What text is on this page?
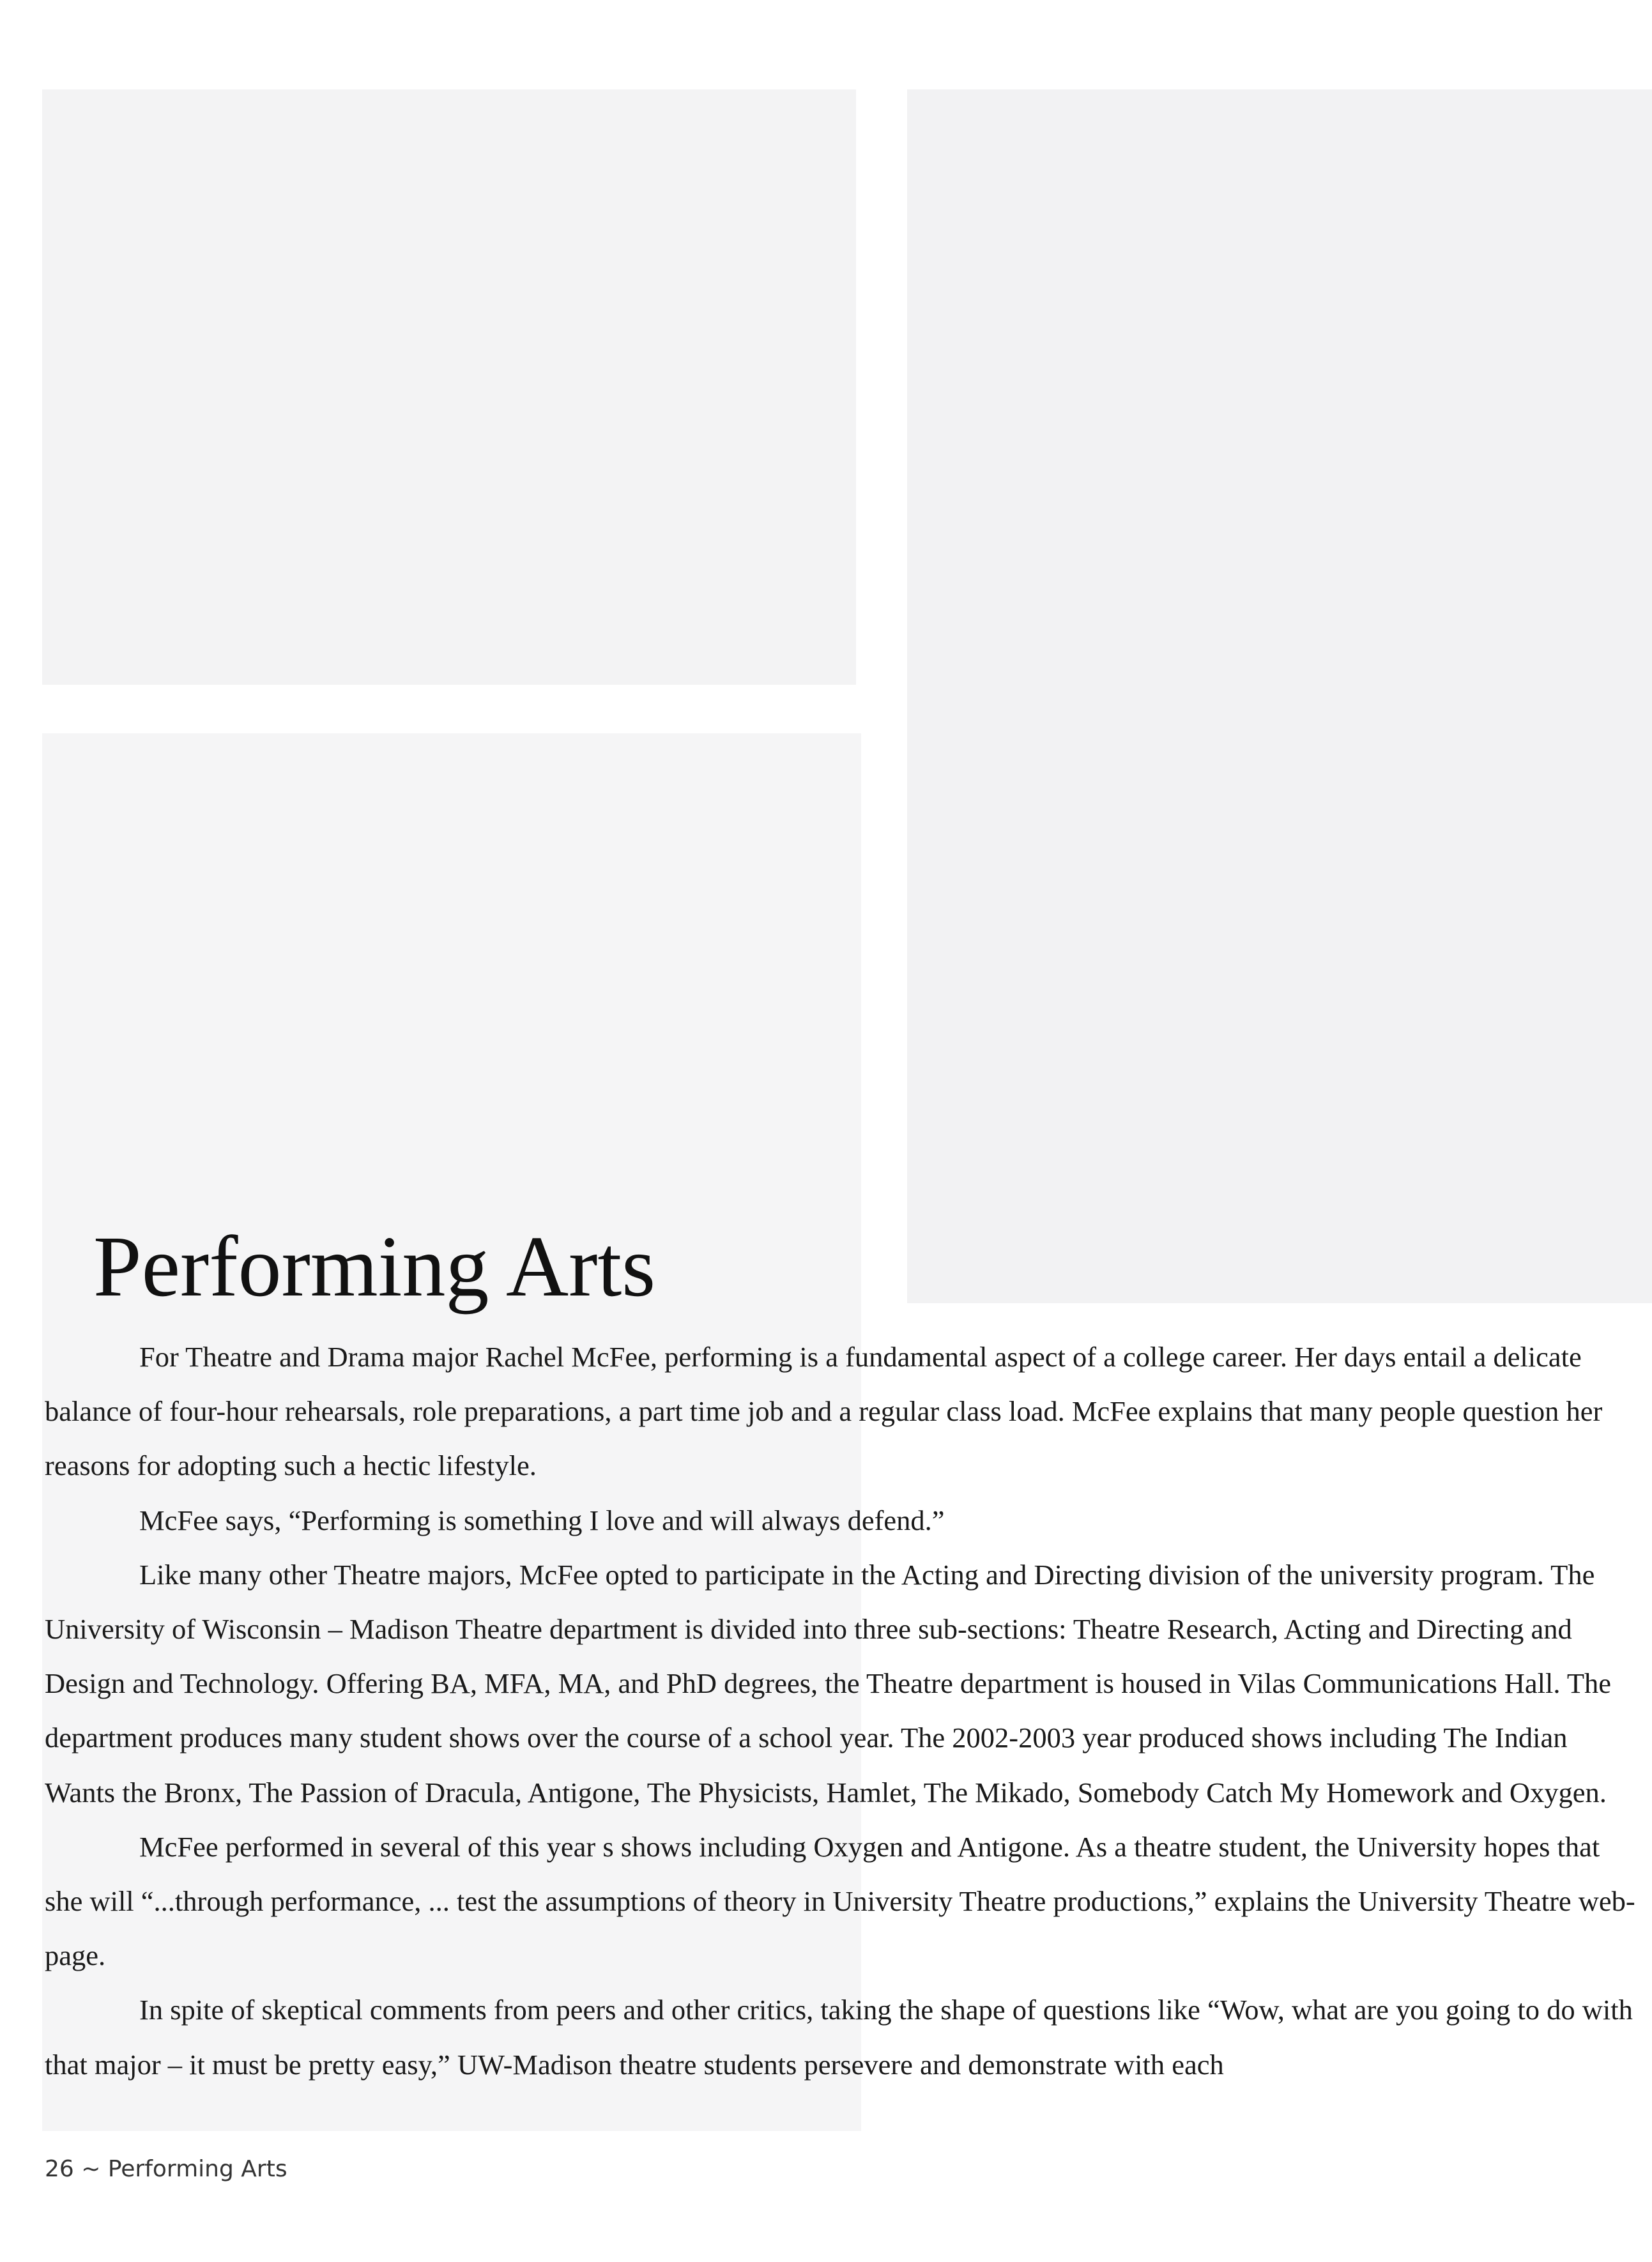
Performing Arts

For Theatre and Drama major Rachel McFee, performing is a fundamental aspect of a college career. Her days entail a delicate balance of four-hour rehearsals, role preparations, a part time job and a regular class load. McFee explains that many people question her reasons for adopting such a hectic lifestyle.

McFee says, “Performing is something I love and will always defend.”

Like many other Theatre majors, McFee opted to participate in the Acting and Directing division of the university program. The University of Wisconsin – Madison Theatre department is divided into three sub-sections: Theatre Research, Acting and Directing and Design and Technology. Offering BA, MFA, MA, and PhD degrees, the Theatre department is housed in Vilas Communications Hall. The department produces many student shows over the course of a school year. The 2002-2003 year produced shows including The Indian Wants the Bronx, The Passion of Dracula, Antigone, The Physicists, Hamlet, The Mikado, Somebody Catch My Homework and Oxygen.

McFee performed in several of this year s shows including Oxygen and Antigone. As a theatre student, the University hopes that she will “...through performance, ... test the assumptions of theory in University Theatre productions,” explains the University Theatre web-page.

In spite of skeptical comments from peers and other critics, taking the shape of questions like “Wow, what are you going to do with that major – it must be pretty easy,” UW-Madison theatre students persevere and demonstrate with each

26 ~ Performing Arts
